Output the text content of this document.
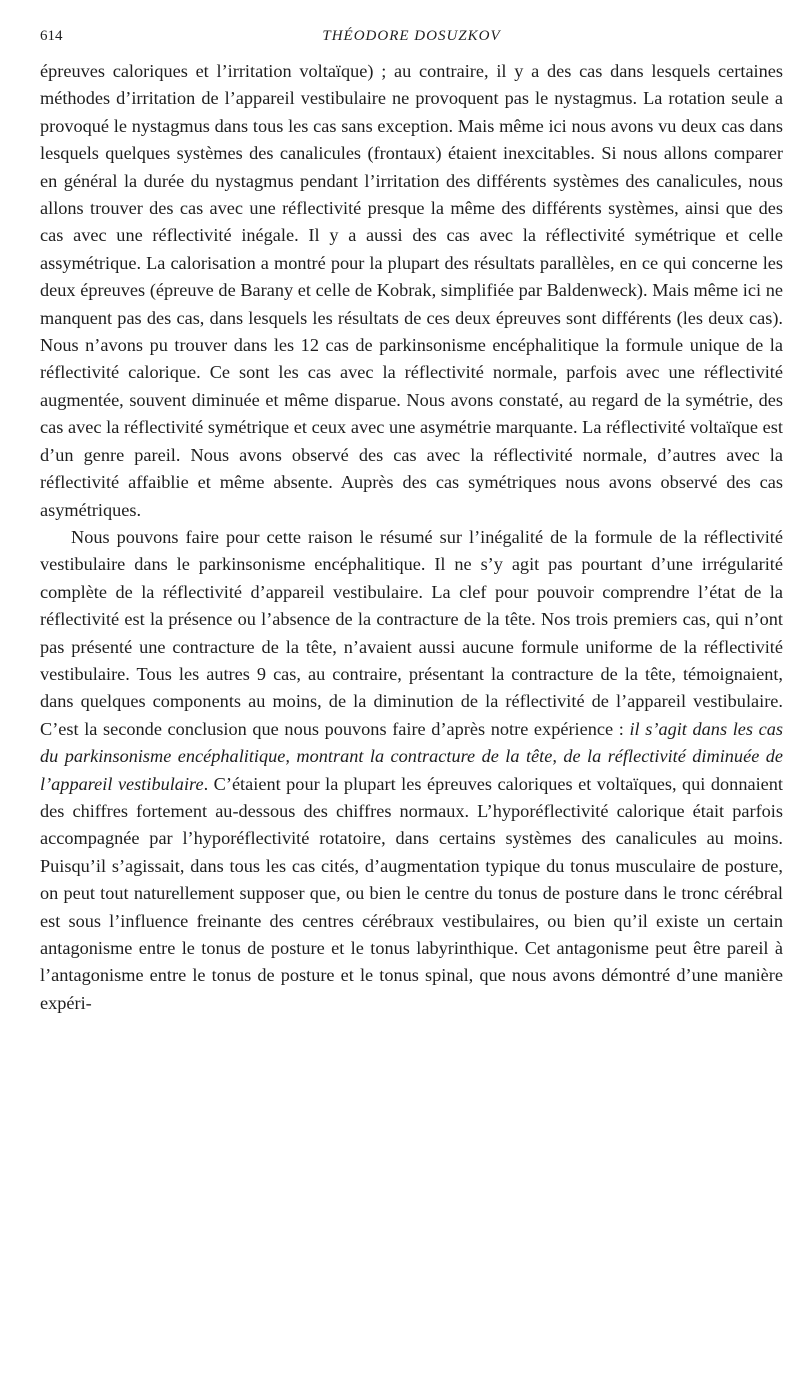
614	THÉODORE DOSUZKOV

épreuves caloriques et l’irritation voltaïque) ; au contraire, il y a des cas dans lesquels certaines méthodes d’irritation de l’appareil vestibulaire ne provoquent pas le nystagmus. La rotation seule a provoqué le nystagmus dans tous les cas sans exception. Mais même ici nous avons vu deux cas dans lesquels quelques systèmes des canalicules (frontaux) étaient inexcitables. Si nous allons comparer en général la durée du nystagmus pendant l’irritation des différents systèmes des canalicules, nous allons trouver des cas avec une réflectivité presque la même des différents systèmes, ainsi que des cas avec une réflectivité inégale. Il y a aussi des cas avec la réflectivité symétrique et celle assymétrique. La calorisation a montré pour la plupart des résultats parallèles, en ce qui concerne les deux épreuves (épreuve de Barany et celle de Kobrak, simplifiée par Baldenweck). Mais même ici ne manquent pas des cas, dans lesquels les résultats de ces deux épreuves sont différents (les deux cas). Nous n’avons pu trouver dans les 12 cas de parkinsonisme encéphalitique la formule unique de la réflectivité calorique. Ce sont les cas avec la réflectivité normale, parfois avec une réflectivité augmentée, souvent diminuée et même disparue. Nous avons constaté, au regard de la symétrie, des cas avec la réflectivité symétrique et ceux avec une asymétrie marquante. La réflectivité voltaïque est d’un genre pareil. Nous avons observé des cas avec la réflectivité normale, d’autres avec la réflectivité affaiblie et même absente. Auprès des cas symétriques nous avons observé des cas asymétriques.

Nous pouvons faire pour cette raison le résumé sur l’inégalité de la formule de la réflectivité vestibulaire dans le parkinsonisme encéphalitique. Il ne s’y agit pas pourtant d’une irrégularité complète de la réflectivité d’appareil vestibulaire. La clef pour pouvoir comprendre l’état de la réflectivité est la présence ou l’absence de la contracture de la tête. Nos trois premiers cas, qui n’ont pas présenté une contracture de la tête, n’avaient aussi aucune formule uniforme de la réflectivité vestibulaire. Tous les autres 9 cas, au contraire, présentant la contracture de la tête, témoignaient, dans quelques components au moins, de la diminution de la réflectivité de l’appareil vestibulaire. C’est la seconde conclusion que nous pouvons faire d’après notre expérience : il s’agit dans les cas du parkinsonisme encéphalitique, montrant la contracture de la tête, de la réflectivité diminuée de l’appareil vestibulaire. C’étaient pour la plupart les épreuves caloriques et voltaïques, qui donnaient des chiffres fortement au-dessous des chiffres normaux. L’hyporéflectivité calorique était parfois accompagnée par l’hyporéflectivité rotatoire, dans certains systèmes des canalicules au moins. Puisqu’il s’agissait, dans tous les cas cités, d’augmentation typique du tonus musculaire de posture, on peut tout naturellement supposer que, ou bien le centre du tonus de posture dans le tronc cérébral est sous l’influence freinante des centres cérébraux vestibulaires, ou bien qu’il existe un certain antagonisme entre le tonus de posture et le tonus labyrinthique. Cet antagonisme peut être pareil à l’antagonisme entre le tonus de posture et le tonus spinal, que nous avons démontré d’une manière expéri-
